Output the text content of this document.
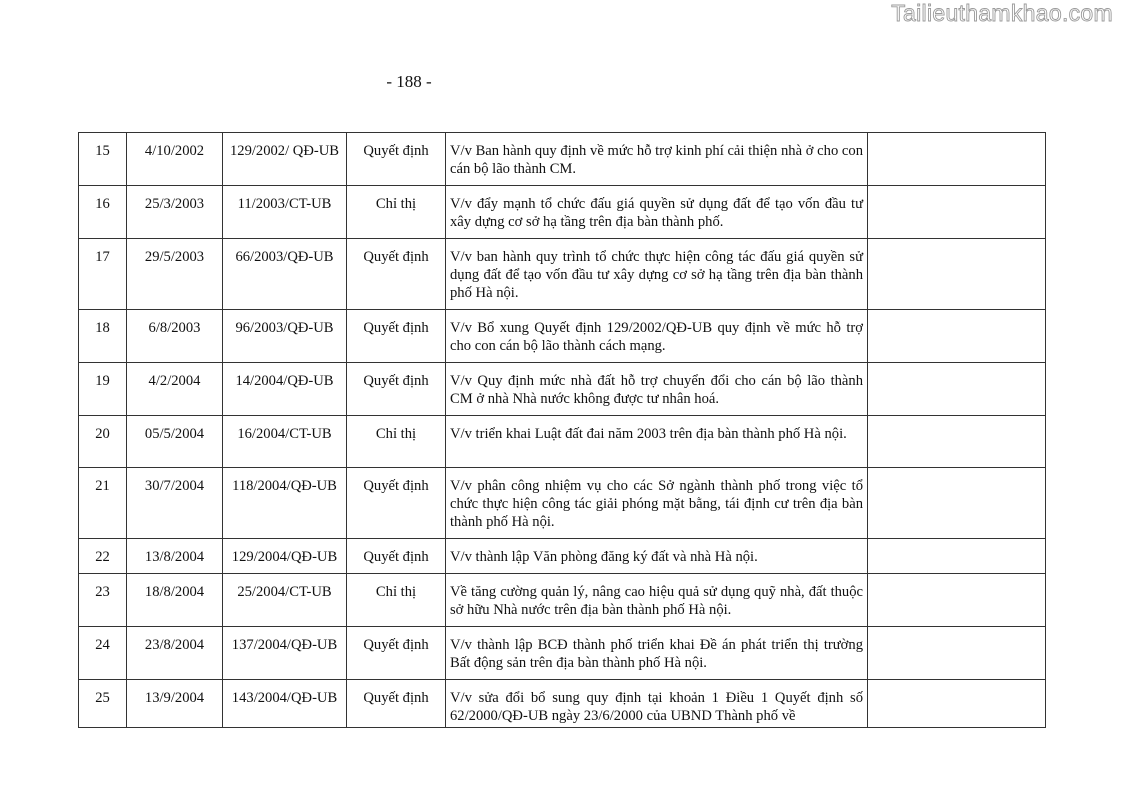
Tailieuthamkhao.com
- 188 -
15	4/10/2002	129/2002/ QĐ-UB	Quyết định	V/v Ban hành quy định về mức hỗ trợ kinh phí cải thiện nhà ở cho con cán bộ lão thành CM.	
16	25/3/2003	11/2003/CT-UB	Chỉ thị	V/v đẩy mạnh tổ chức đấu giá quyền sử dụng đất để tạo vốn đầu tư xây dựng cơ sở hạ tầng trên địa bàn thành phố.	
17	29/5/2003	66/2003/QĐ-UB	Quyết định	V/v ban hành quy trình tổ chức thực hiện công tác đấu giá quyền sử dụng đất để tạo vốn đầu tư xây dựng cơ sở hạ tầng trên địa bàn thành phố Hà nội.	
18	6/8/2003	96/2003/QĐ-UB	Quyết định	V/v Bổ xung Quyết định 129/2002/QĐ-UB quy định về mức hỗ trợ cho con cán bộ lão thành cách mạng.	
19	4/2/2004	14/2004/QĐ-UB	Quyết định	V/v Quy định mức nhà đất hỗ trợ chuyển đổi cho cán bộ lão thành CM ở nhà Nhà nước không được tư nhân hoá.	
20	05/5/2004	16/2004/CT-UB	Chỉ thị	V/v triển khai Luật đất đai năm 2003 trên địa bàn thành phố Hà nội.	
21	30/7/2004	118/2004/QĐ-UB	Quyết định	V/v phân công nhiệm vụ cho các Sở ngành thành phố trong việc tổ chức thực hiện công tác giải phóng mặt bằng, tái định cư trên địa bàn thành phố Hà nội.	
22	13/8/2004	129/2004/QĐ-UB	Quyết định	V/v thành lập Văn phòng đăng ký đất và nhà Hà nội.	
23	18/8/2004	25/2004/CT-UB	Chỉ thị	Về tăng cường quản lý, nâng cao hiệu quả sử dụng quỹ nhà, đất thuộc sở hữu Nhà nước trên địa bàn thành phố Hà nội.	
24	23/8/2004	137/2004/QĐ-UB	Quyết định	V/v thành lập BCĐ thành phố triển khai Đề án phát triển thị trường Bất động sản trên địa bàn thành phố Hà nội.	
25	13/9/2004	143/2004/QĐ-UB	Quyết định	V/v sửa đổi bổ sung quy định tại khoản 1 Điều 1 Quyết định số 62/2000/QĐ-UB ngày 23/6/2000 của UBND Thành phố về	
